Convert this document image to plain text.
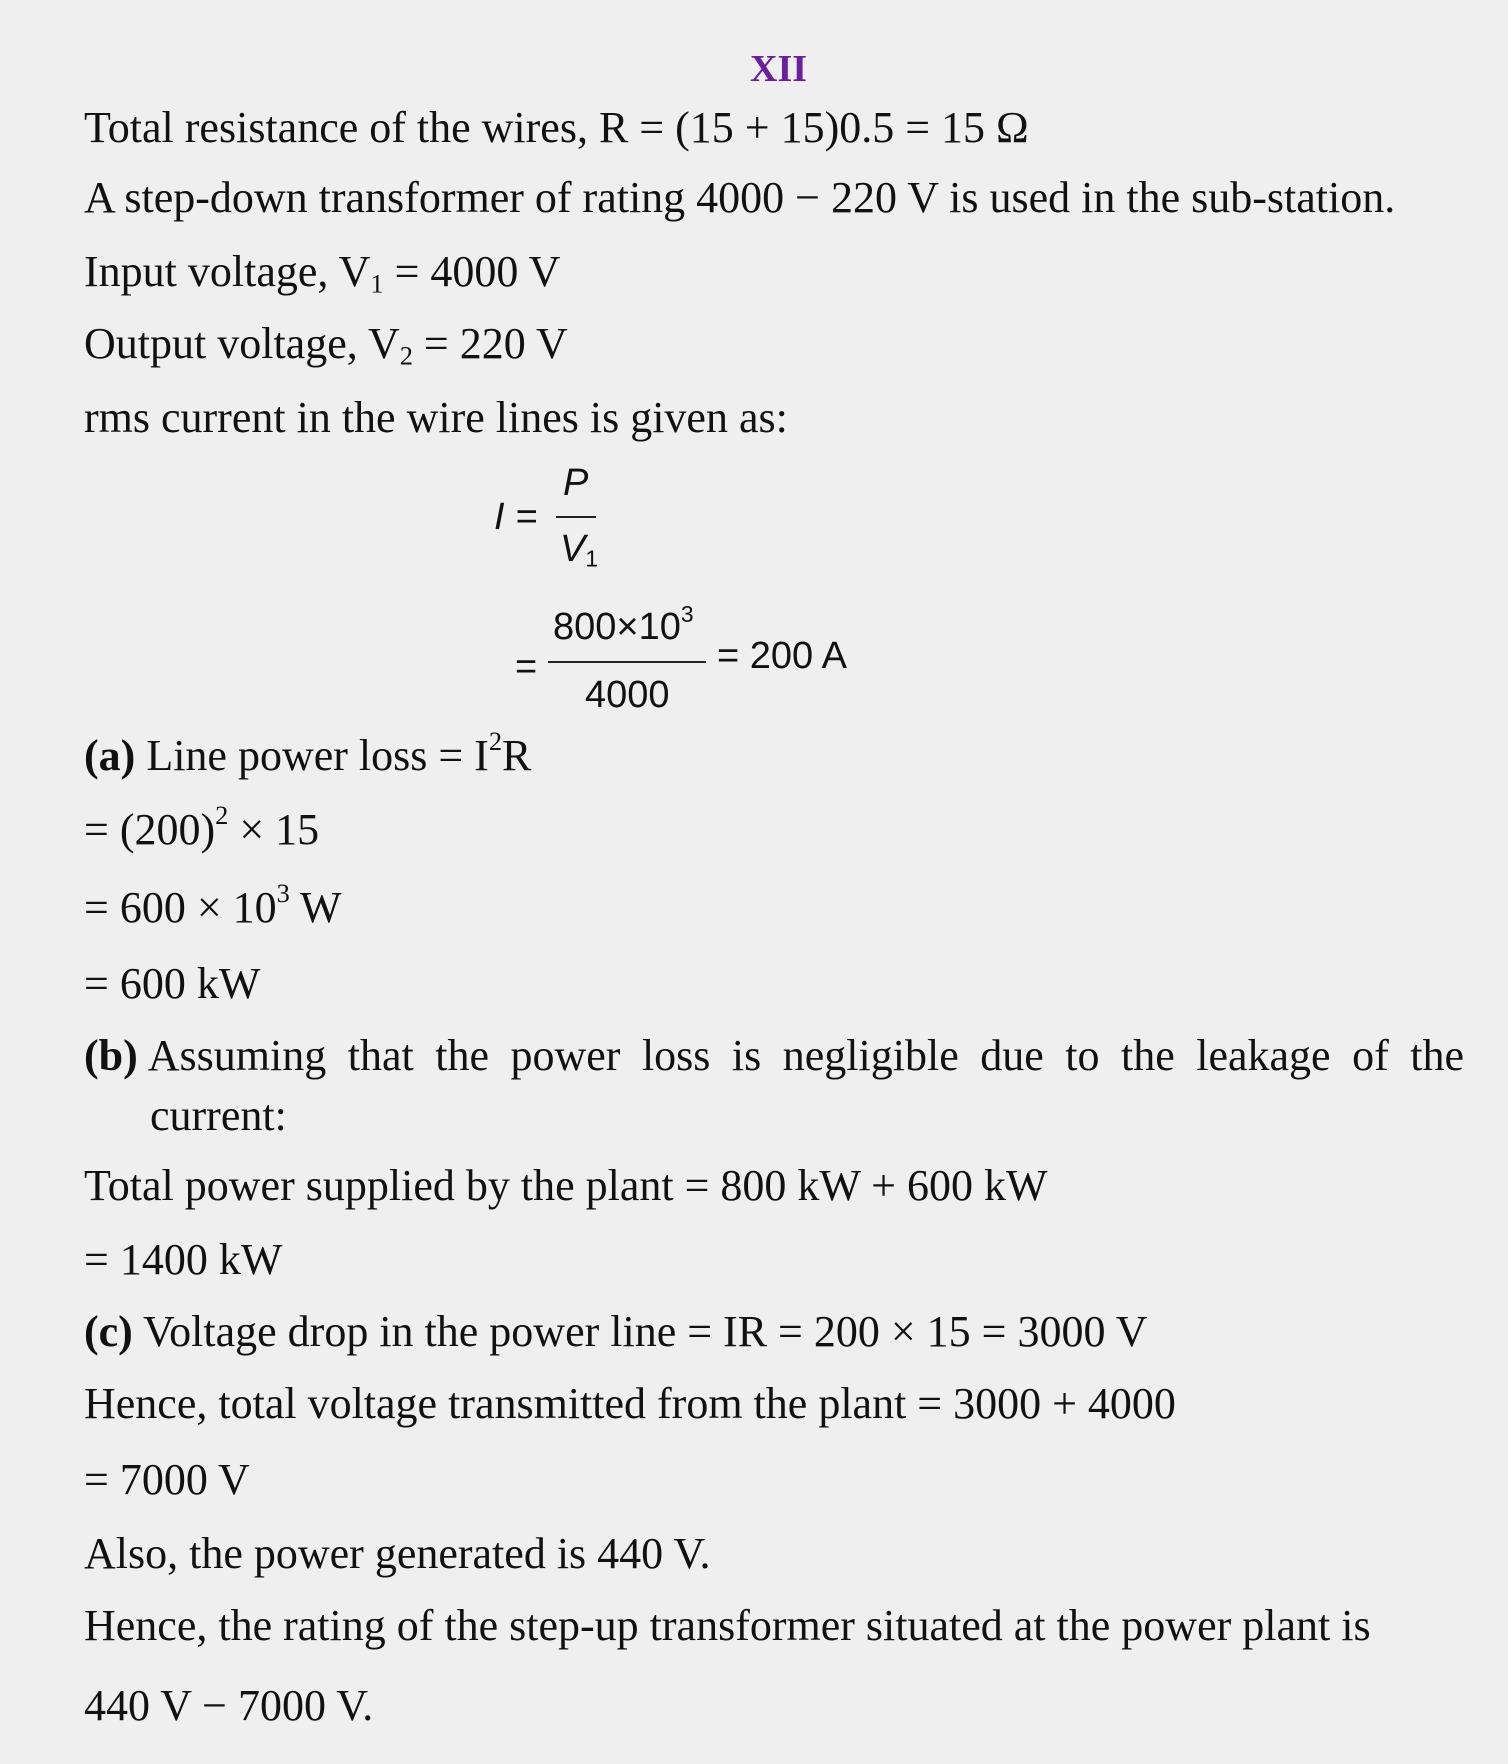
XII
Total resistance of the wires, R = (15 + 15)0.5 = 15 Ω
A step-down transformer of rating 4000 − 220 V is used in the sub-station.
Input voltage, $V_1 = 4000$ V
Output voltage, $V_2 = 220$ V
rms current in the wire lines is given as:
I =
P
$V_1$
=
$800\times 10^3$
4000
= 200 A
(a) Line power loss = $I^2R$
= $(200)^2 \times 15$
= $600 \times 10^3$ W
= 600 kW
(b) Assuming that the power loss is negligible due to the leakage of the
current:
Total power supplied by the plant = 800 kW + 600 kW
= 1400 kW
(c) Voltage drop in the power line = IR = 200 × 15 = 3000 V
Hence, total voltage transmitted from the plant = 3000 + 4000
= 7000 V
Also, the power generated is 440 V.
Hence, the rating of the step-up transformer situated at the power plant is
440 V − 7000 V.
